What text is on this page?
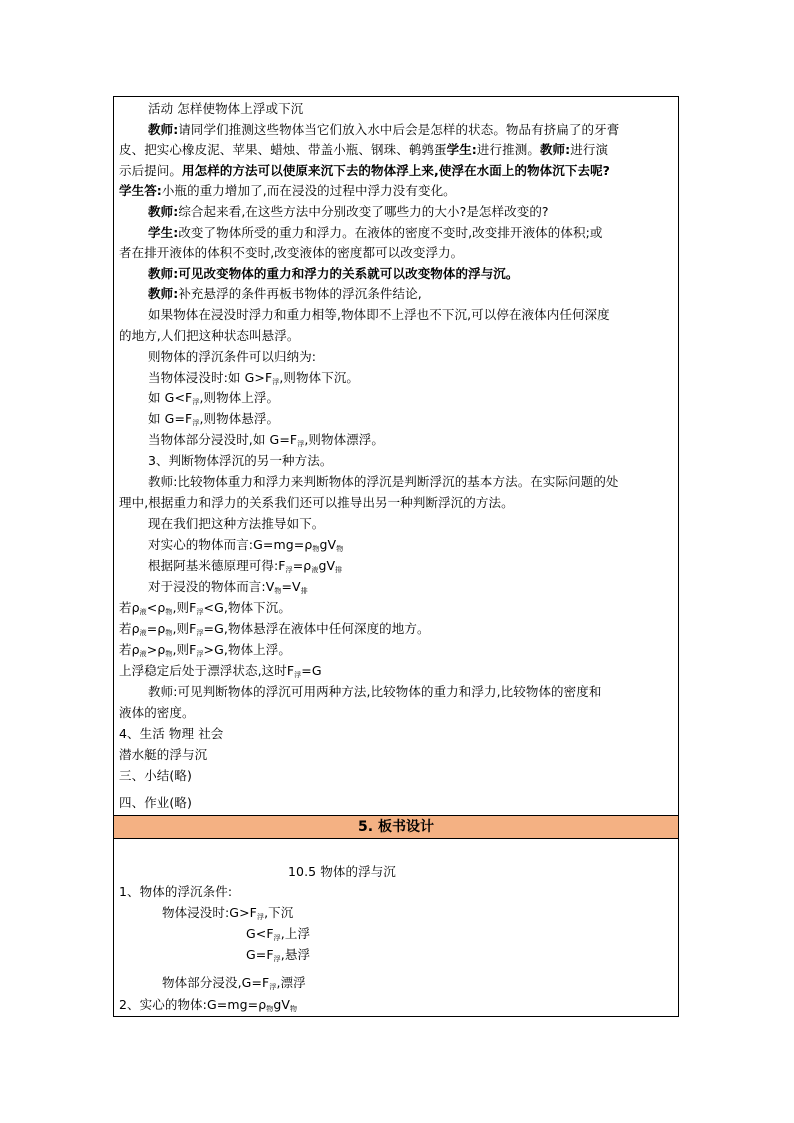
活动 怎样使物体上浮或下沉
教师:请同学们推测这些物体当它们放入水中后会是怎样的状态。物品有挤扁了的牙膏
皮、把实心橡皮泥、苹果、蜡烛、带盖小瓶、钢珠、鹌鹑蛋学生:进行推测。教师:进行演
示后提问。用怎样的方法可以使原来沉下去的物体浮上来,使浮在水面上的物体沉下去呢?
学生答:小瓶的重力增加了,而在浸没的过程中浮力没有变化。
教师:综合起来看,在这些方法中分别改变了哪些力的大小?是怎样改变的?
学生:改变了物体所受的重力和浮力。在液体的密度不变时,改变排开液体的体积;或
者在排开液体的体积不变时,改变液体的密度都可以改变浮力。
教师:可见改变物体的重力和浮力的关系就可以改变物体的浮与沉。
教师:补充悬浮的条件再板书物体的浮沉条件结论,
如果物体在浸没时浮力和重力相等,物体即不上浮也不下沉,可以停在液体内任何深度
的地方,人们把这种状态叫悬浮。
则物体的浮沉条件可以归纳为:
当物体浸没时:如 $G>F_浮$,则物体下沉。
如 $G<F_浮$,则物体上浮。
如 $G=F_浮$,则物体悬浮。
当物体部分浸没时,如 $G=F_浮$,则物体漂浮。
3、判断物体浮沉的另一种方法。
教师:比较物体重力和浮力来判断物体的浮沉是判断浮沉的基本方法。在实际问题的处
理中,根据重力和浮力的关系我们还可以推导出另一种判断浮沉的方法。
现在我们把这种方法推导如下。
对实心的物体而言$:G=mg=\rho_物gV_物$
根据阿基米德原理可得$:F_浮=\rho_液gV_排$
对于浸没的物体而言$:V_物=V_排$
若$\rho_液<\rho_物$,则$F_浮<G$,物体下沉。
若$\rho_液=\rho_物$,则$F_浮=G$,物体悬浮在液体中任何深度的地方。
若$\rho_液>\rho_物$,则$F_浮>G$,物体上浮。
上浮稳定后处于漂浮状态,这时$F_浮=G$
教师:可见判断物体的浮沉可用两种方法,比较物体的重力和浮力,比较物体的密度和
液体的密度。
4、生活 物理 社会
潜水艇的浮与沉
三、小结(略)
四、作业(略)
5. 板书设计
10.5 物体的浮与沉
1、物体的浮沉条件:
物体浸没时$:G>F_浮$,下沉
$G<F_浮$,上浮
$G=F_浮$,悬浮
物体部分浸没$,G=F_浮$,漂浮
2、实心的物体$:G=mg=\rho_物gV_物$
